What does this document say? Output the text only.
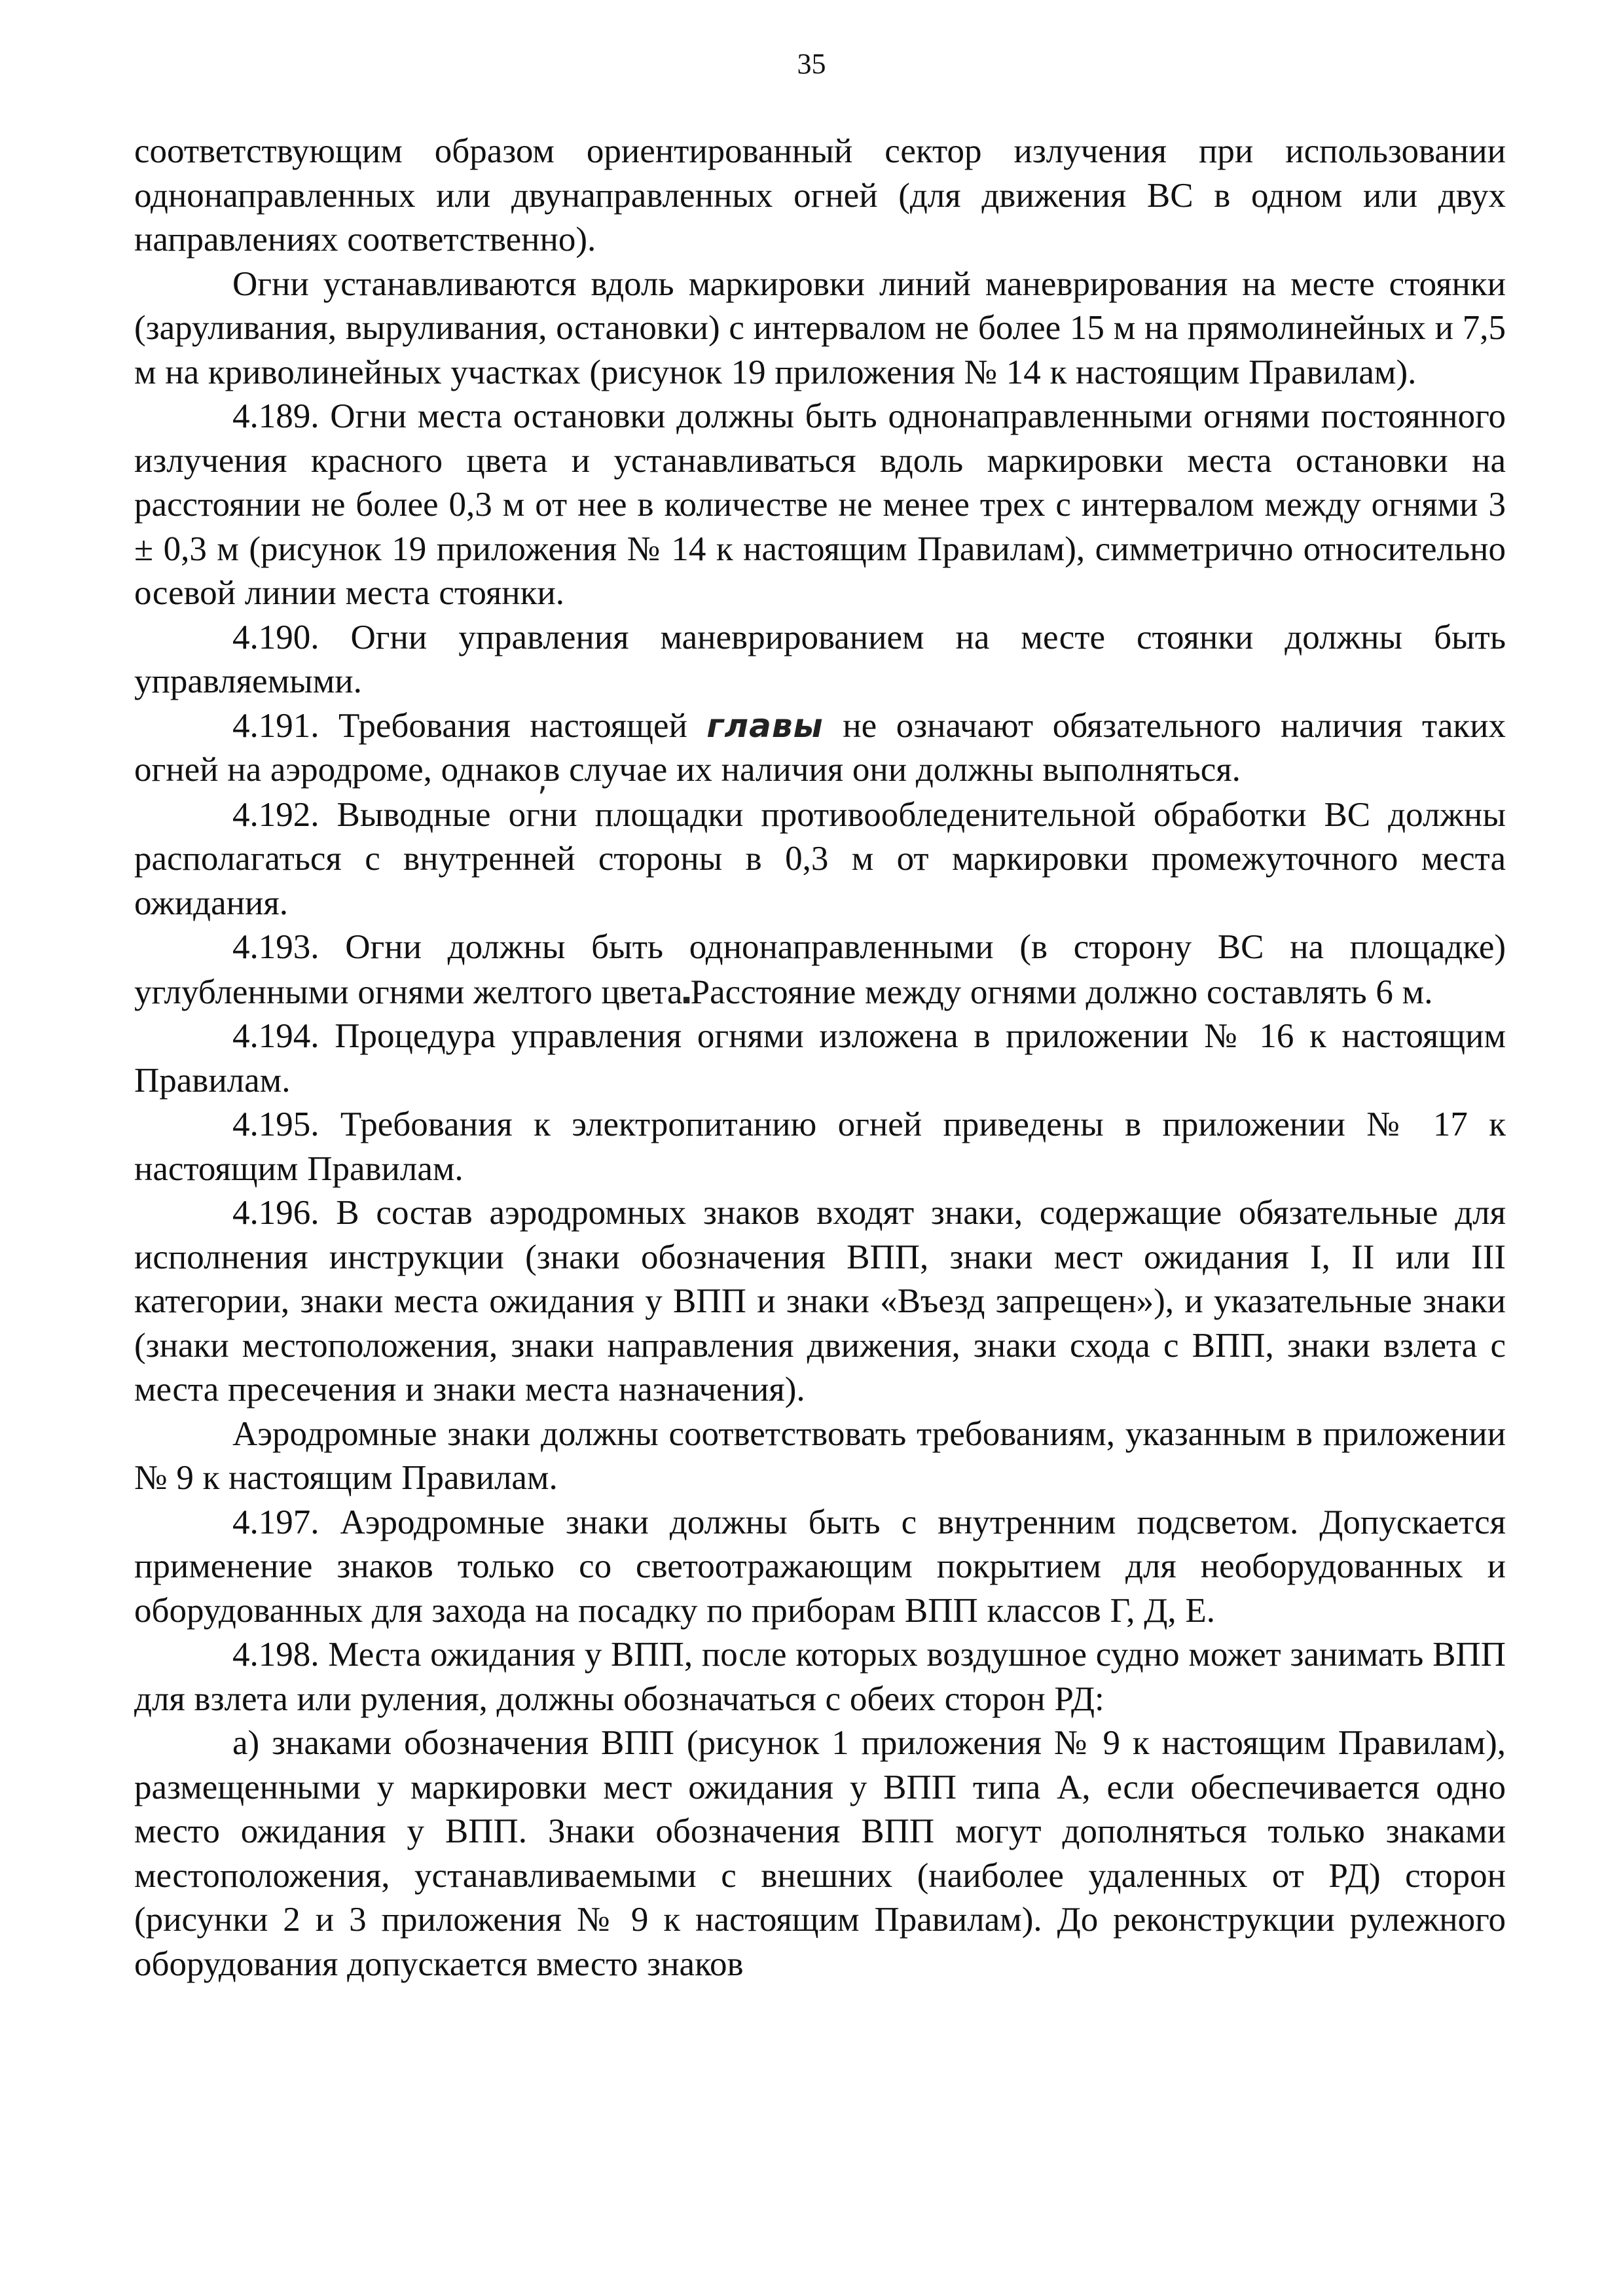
35

соответствующим образом ориентированный сектор излучения при использовании однонаправленных или двунаправленных огней (для движения ВС в одном или двух направлениях соответственно).

Огни устанавливаются вдоль маркировки линий маневрирования на месте стоянки (заруливания, выруливания, остановки) с интервалом не более 15 м на прямолинейных и 7,5 м на криволинейных участках (рисунок 19 приложения № 14 к настоящим Правилам).

4.189. Огни места остановки должны быть однонаправленными огнями постоянного излучения красного цвета и устанавливаться вдоль маркировки места остановки на расстоянии не более 0,3 м от нее в количестве не менее трех с интервалом между огнями 3 ± 0,3 м (рисунок 19 приложения № 14 к настоящим Правилам), симметрично относительно осевой линии места стоянки.

4.190. Огни управления маневрированием на месте стоянки должны быть управляемыми.

4.191. Требования настоящей главы не означают обязательного наличия таких огней на аэродроме, однако,в случае их наличия они должны выполняться.

4.192. Выводные огни площадки противообледенительной обработки ВС должны располагаться с внутренней стороны в 0,3 м от маркировки промежуточного места ожидания.

4.193. Огни должны быть однонаправленными (в сторону ВС на площадке) углубленными огнями желтого цвета.Расстояние между огнями должно составлять 6 м.

4.194. Процедура управления огнями изложена в приложении № 16 к настоящим Правилам.

4.195. Требования к электропитанию огней приведены в приложении № 17 к настоящим Правилам.

4.196. В состав аэродромных знаков входят знаки, содержащие обязательные для исполнения инструкции (знаки обозначения ВПП, знаки мест ожидания I, II или III категории, знаки места ожидания у ВПП и знаки «Въезд запрещен»), и указательные знаки (знаки местоположения, знаки направления движения, знаки схода с ВПП, знаки взлета с места пресечения и знаки места назначения).

Аэродромные знаки должны соответствовать требованиям, указанным в приложении № 9 к настоящим Правилам.

4.197. Аэродромные знаки должны быть с внутренним подсветом. Допускается применение знаков только со светоотражающим покрытием для необорудованных и оборудованных для захода на посадку по приборам ВПП классов Г, Д, Е.

4.198. Места ожидания у ВПП, после которых воздушное судно может занимать ВПП для взлета или руления, должны обозначаться с обеих сторон РД:

а) знаками обозначения ВПП (рисунок 1 приложения № 9 к настоящим Правилам), размещенными у маркировки мест ожидания у ВПП типа А, если обеспечивается одно место ожидания у ВПП. Знаки обозначения ВПП могут дополняться только знаками местоположения, устанавливаемыми с внешних (наиболее удаленных от РД) сторон (рисунки 2 и 3 приложения № 9 к настоящим Правилам). До реконструкции рулежного оборудования допускается вместо знаков
